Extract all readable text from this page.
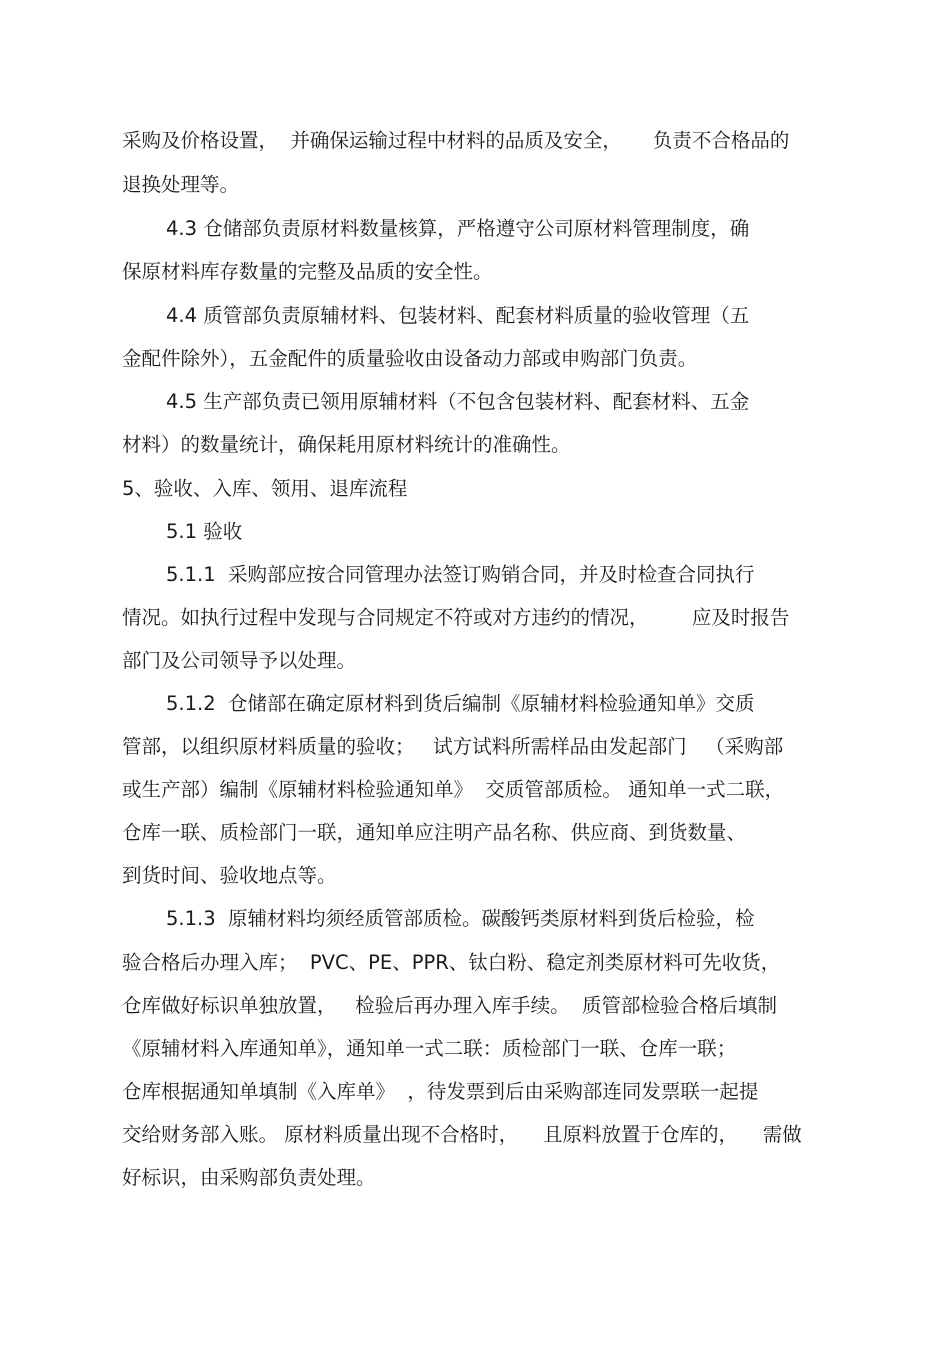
采购及价格设置，  并确保运输过程中材料的品质及安全，     负责不合格品的
退换处理等。
4.3 仓储部负责原材料数量核算，严格遵守公司原材料管理制度，确
保原材料库存数量的完整及品质的安全性。
4.4 质管部负责原辅材料、包装材料、配套材料质量的验收管理（五
金配件除外），五金配件的质量验收由设备动力部或申购部门负责。
4.5 生产部负责已领用原辅材料（不包含包装材料、配套材料、五金
材料）的数量统计，确保耗用原材料统计的准确性。
5、验收、入库、领用、退库流程
5.1 验收
5.1.1  采购部应按合同管理办法签订购销合同，并及时检查合同执行
情况。如执行过程中发现与合同规定不符或对方违约的情况，       应及时报告
部门及公司领导予以处理。
5.1.2  仓储部在确定原材料到货后编制《原辅材料检验通知单》交质
管部，以组织原材料质量的验收；   试方试料所需样品由发起部门   （采购部
或生产部）编制《原辅材料检验通知单》  交质管部质检。 通知单一式二联，
仓库一联、质检部门一联，通知单应注明产品名称、供应商、到货数量、
到货时间、验收地点等。
5.1.3  原辅材料均须经质管部质检。碳酸钙类原材料到货后检验，检
验合格后办理入库；  PVC、PE、PPR、钛白粉、稳定剂类原材料可先收货，
仓库做好标识单独放置，   检验后再办理入库手续。  质管部检验合格后填制
《原辅材料入库通知单》，通知单一式二联：质检部门一联、仓库一联；
仓库根据通知单填制《入库单》  ，待发票到后由采购部连同发票联一起提
交给财务部入账。 原材料质量出现不合格时，    且原料放置于仓库的，    需做
好标识，由采购部负责处理。
